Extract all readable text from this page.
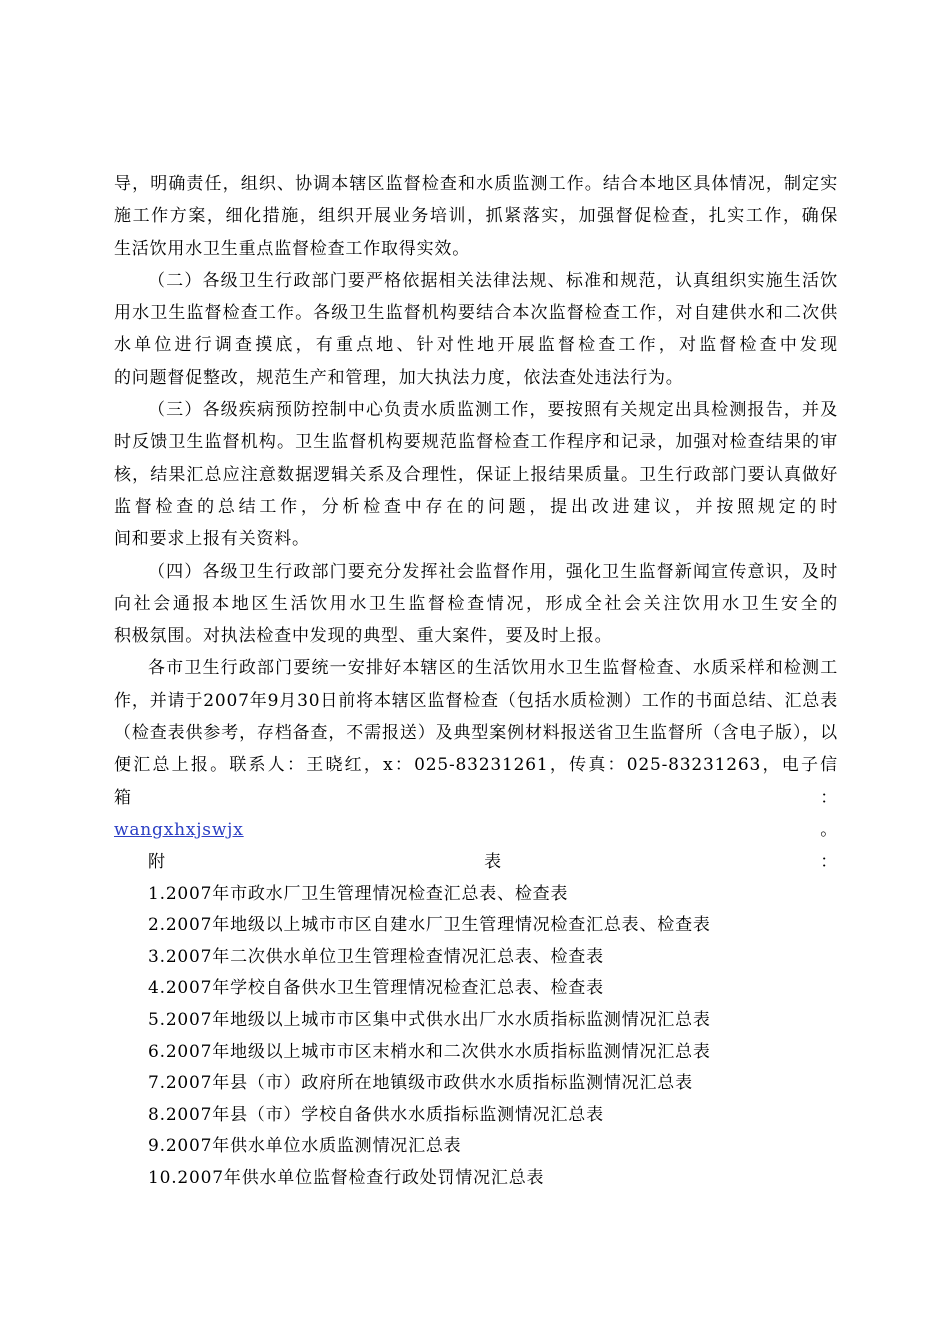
导，明确责任，组织、协调本辖区监督检查和水质监测工作。结合本地区具体情况，制定实施工作方案，细化措施，组织开展业务培训，抓紧落实，加强督促检查，扎实工作，确保

生活饮用水卫生重点监督检查工作取得实效。

（二）各级卫生行政部门要严格依据相关法律法规、标准和规范，认真组织实施生活饮用水卫生监督检查工作。各级卫生监督机构要结合本次监督检查工作，对自建供水和二次供水单位进行调查摸底，有重点地、针对性地开展监督检查工作，对监督检查中发现

的问题督促整改，规范生产和管理，加大执法力度，依法查处违法行为。

（三）各级疾病预防控制中心负责水质监测工作，要按照有关规定出具检测报告，并及时反馈卫生监督机构。卫生监督机构要规范监督检查工作程序和记录，加强对检查结果的审核，结果汇总应注意数据逻辑关系及合理性，保证上报结果质量。卫生行政部门要认真做好监督检查的总结工作，分析检查中存在的问题，提出改进建议，并按照规定的时

间和要求上报有关资料。

（四）各级卫生行政部门要充分发挥社会监督作用，强化卫生监督新闻宣传意识，及时向社会通报本地区生活饮用水卫生监督检查情况，形成全社会关注饮用水卫生安全的

积极氛围。对执法检查中发现的典型、重大案件，要及时上报。

各市卫生行政部门要统一安排好本辖区的生活饮用水卫生监督检查、水质采样和检测工作，并请于2007年9月30日前将本辖区监督检查（包括水质检测）工作的书面总结、汇总表（检查表供参考，存档备查，不需报送）及典型案例材料报送省卫生监督所（含电子版），以便汇总上报。联系人：王晓红，x：025-83231261，传真：025-83231263，电子信箱：

wangxhxjswjx 。

附表：

1.2007年市政水厂卫生管理情况检查汇总表、检查表
2.2007年地级以上城市市区自建水厂卫生管理情况检查汇总表、检查表
3.2007年二次供水单位卫生管理检查情况汇总表、检查表
4.2007年学校自备供水卫生管理情况检查汇总表、检查表
5.2007年地级以上城市市区集中式供水出厂水水质指标监测情况汇总表
6.2007年地级以上城市市区末梢水和二次供水水质指标监测情况汇总表
7.2007年县（市）政府所在地镇级市政供水水质指标监测情况汇总表
8.2007年县（市）学校自备供水水质指标监测情况汇总表
9.2007年供水单位水质监测情况汇总表
10.2007年供水单位监督检查行政处罚情况汇总表
